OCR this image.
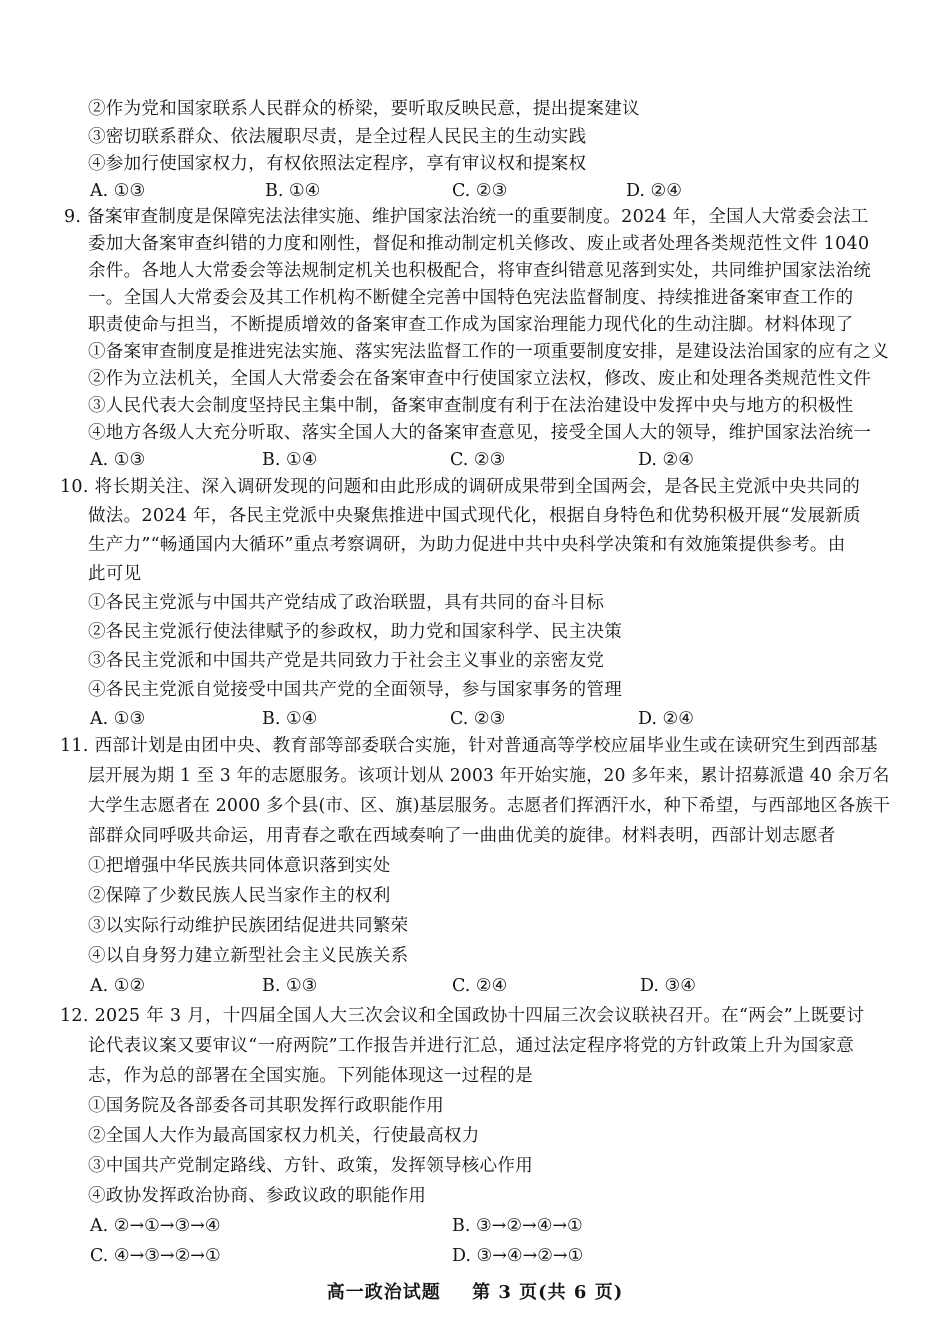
②作为党和国家联系人民群众的桥梁，要听取反映民意，提出提案建议
③密切联系群众、依法履职尽责，是全过程人民民主的生动实践
④参加行使国家权力，有权依照法定程序，享有审议权和提案权
A. ①③	B. ①④	C. ②③	D. ②④
9. 备案审查制度是保障宪法法律实施、维护国家法治统一的重要制度。2024 年，全国人大常委会法工
委加大备案审查纠错的力度和刚性，督促和推动制定机关修改、废止或者处理各类规范性文件 1040
余件。各地人大常委会等法规制定机关也积极配合，将审查纠错意见落到实处，共同维护国家法治统
一。全国人大常委会及其工作机构不断健全完善中国特色宪法监督制度、持续推进备案审查工作的
职责使命与担当，不断提质增效的备案审查工作成为国家治理能力现代化的生动注脚。材料体现了
①备案审查制度是推进宪法实施、落实宪法监督工作的一项重要制度安排，是建设法治国家的应有之义
②作为立法机关，全国人大常委会在备案审查中行使国家立法权，修改、废止和处理各类规范性文件
③人民代表大会制度坚持民主集中制，备案审查制度有利于在法治建设中发挥中央与地方的积极性
④地方各级人大充分听取、落实全国人大的备案审查意见，接受全国人大的领导，维护国家法治统一
A. ①③	B. ①④	C. ②③	D. ②④
10. 将长期关注、深入调研发现的问题和由此形成的调研成果带到全国两会，是各民主党派中央共同的
做法。2024 年，各民主党派中央聚焦推进中国式现代化，根据自身特色和优势积极开展“发展新质
生产力”“畅通国内大循环”重点考察调研，为助力促进中共中央科学决策和有效施策提供参考。由
此可见
①各民主党派与中国共产党结成了政治联盟，具有共同的奋斗目标
②各民主党派行使法律赋予的参政权，助力党和国家科学、民主决策
③各民主党派和中国共产党是共同致力于社会主义事业的亲密友党
④各民主党派自觉接受中国共产党的全面领导，参与国家事务的管理
A. ①③	B. ①④	C. ②③	D. ②④
11. 西部计划是由团中央、教育部等部委联合实施，针对普通高等学校应届毕业生或在读研究生到西部基
层开展为期 1 至 3 年的志愿服务。该项计划从 2003 年开始实施，20 多年来，累计招募派遣 40 余万名
大学生志愿者在 2000 多个县(市、区、旗)基层服务。志愿者们挥洒汗水，种下希望，与西部地区各族干
部群众同呼吸共命运，用青春之歌在西域奏响了一曲曲优美的旋律。材料表明，西部计划志愿者
①把增强中华民族共同体意识落到实处
②保障了少数民族人民当家作主的权利
③以实际行动维护民族团结促进共同繁荣
④以自身努力建立新型社会主义民族关系
A. ①②	B. ①③	C. ②④	D. ③④
12. 2025 年 3 月，十四届全国人大三次会议和全国政协十四届三次会议联袂召开。在“两会”上既要讨
论代表议案又要审议“一府两院”工作报告并进行汇总，通过法定程序将党的方针政策上升为国家意
志，作为总的部署在全国实施。下列能体现这一过程的是
①国务院及各部委各司其职发挥行政职能作用
②全国人大作为最高国家权力机关，行使最高权力
③中国共产党制定路线、方针、政策，发挥领导核心作用
④政协发挥政治协商、参政议政的职能作用
A. ②→①→③→④	B. ③→②→④→①
C. ④→③→②→①	D. ③→④→②→①
高一政治试题 第 3 页(共 6 页)
